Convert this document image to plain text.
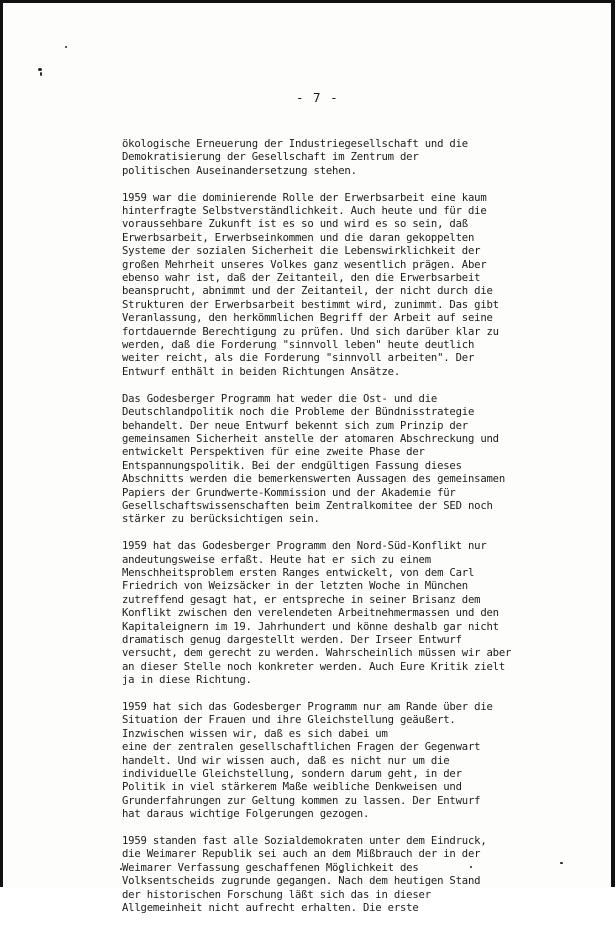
- 7 -
ökologische Erneuerung der Industriegesellschaft und die
Demokratisierung der Gesellschaft im Zentrum der
politischen Auseinandersetzung stehen.
1959 war die dominierende Rolle der Erwerbsarbeit eine kaum
hinterfragte Selbstverständlichkeit. Auch heute und für die
voraussehbare Zukunft ist es so und wird es so sein, daß
Erwerbsarbeit, Erwerbseinkommen und die daran gekoppelten
Systeme der sozialen Sicherheit die Lebenswirklichkeit der
großen Mehrheit unseres Volkes ganz wesentlich prägen. Aber
ebenso wahr ist, daß der Zeitanteil, den die Erwerbsarbeit
beansprucht, abnimmt und der Zeitanteil, der nicht durch die
Strukturen der Erwerbsarbeit bestimmt wird, zunimmt. Das gibt
Veranlassung, den herkömmlichen Begriff der Arbeit auf seine
fortdauernde Berechtigung zu prüfen. Und sich darüber klar zu
werden, daß die Forderung "sinnvoll leben" heute deutlich
weiter reicht, als die Forderung "sinnvoll arbeiten". Der
Entwurf enthält in beiden Richtungen Ansätze.
Das Godesberger Programm hat weder die Ost- und die
Deutschlandpolitik noch die Probleme der Bündnisstrategie
behandelt. Der neue Entwurf bekennt sich zum Prinzip der
gemeinsamen Sicherheit anstelle der atomaren Abschreckung und
entwickelt Perspektiven für eine zweite Phase der
Entspannungspolitik. Bei der endgültigen Fassung dieses
Abschnitts werden die bemerkenswerten Aussagen des gemeinsamen
Papiers der Grundwerte-Kommission und der Akademie für
Gesellschaftswissenschaften beim Zentralkomitee der SED noch
stärker zu berücksichtigen sein.
1959 hat das Godesberger Programm den Nord-Süd-Konflikt nur
andeutungsweise erfaßt. Heute hat er sich zu einem
Menschheitsproblem ersten Ranges entwickelt, von dem Carl
Friedrich von Weizsäcker in der letzten Woche in München
zutreffend gesagt hat, er entspreche in seiner Brisanz dem
Konflikt zwischen den verelendeten Arbeitnehmermassen und den
Kapitaleignern im 19. Jahrhundert und könne deshalb gar nicht
dramatisch genug dargestellt werden. Der Irseer Entwurf
versucht, dem gerecht zu werden. Wahrscheinlich müssen wir aber
an dieser Stelle noch konkreter werden. Auch Eure Kritik zielt
ja in diese Richtung.
1959 hat sich das Godesberger Programm nur am Rande über die
Situation der Frauen und ihre Gleichstellung geäußert.
Inzwischen wissen wir, daß es sich dabei um
eine der zentralen gesellschaftlichen Fragen der Gegenwart
handelt. Und wir wissen auch, daß es nicht nur um die
individuelle Gleichstellung, sondern darum geht, in der
Politik in viel stärkerem Maße weibliche Denkweisen und
Grunderfahrungen zur Geltung kommen zu lassen. Der Entwurf
hat daraus wichtige Folgerungen gezogen.
1959 standen fast alle Sozialdemokraten unter dem Eindruck,
die Weimarer Republik sei auch an dem Mißbrauch der in der
Weimarer Verfassung geschaffenen Möglichkeit des
Volksentscheids zugrunde gegangen. Nach dem heutigen Stand
der historischen Forschung läßt sich das in dieser
Allgemeinheit nicht aufrecht erhalten. Die erste
